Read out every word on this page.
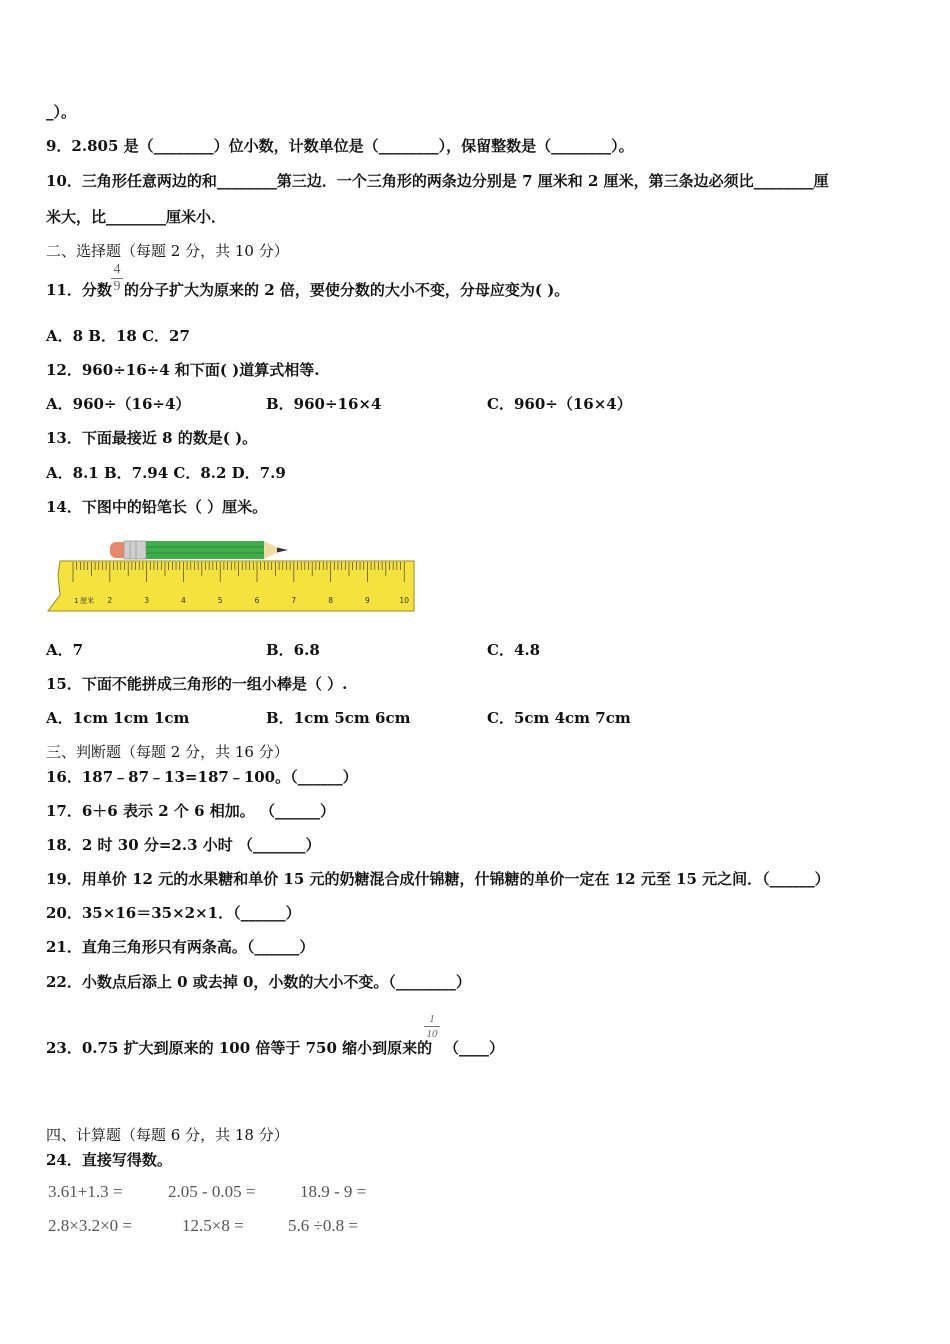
_）。
9．2.805 是（________）位小数，计数单位是（________），保留整数是（________）。
10．三角形任意两边的和________第三边．一个三角形的两条边分别是 7 厘米和 2 厘米，第三条边必须比________厘
米大，比________厘米小．
二、选择题（每题 2 分，共 10 分）
11．分数
4
9 的分子扩大为原来的 2 倍，要使分数的大小不变，分母应变为( )。
A．8 B．18 C．27
12．960÷16÷4 和下面( )道算式相等.
A．960÷（16÷4）	B．960÷16×4	C．960÷（16×4）
13．下面最接近 8 的数是( )。
A．8.1 B．7.94 C．8.2 D．7.9
14．下图中的铅笔长（ ）厘米。
1 厘米 2	3	4	5	6	7	8	9	10
A．7	B．6.8	C．4.8
15．下面不能拼成三角形的一组小棒是（ ）.
A．1cm 1cm 1cm	B．1cm 5cm 6cm	C．5cm 4cm 7cm
三、判断题（每题 2 分，共 16 分）
16．187﹣87﹣13=187﹣100。（______）
17．6＋6 表示 2 个 6 相加。 （______）
18．2 时 30 分=2.3 小时 （_______）
19．用单价 12 元的水果糖和单价 15 元的奶糖混合成什锦糖，什锦糖的单价一定在 12 元至 15 元之间．（______）
20．35×16＝35×2×1．（______）
21．直角三角形只有两条高。（______）
22．小数点后添上 0 或去掉 0，小数的大小不变。（________）
23．0.75 扩大到原来的 100 倍等于 750 缩小到原来的
1
10
（____）
四、计算题（每题 6 分，共 18 分）
24．直接写得数。
3.61+1.3 =	2.05 - 0.05 =	18.9 - 9 =
2.8×3.2×0 =	12.5×8 =	5.6 ÷0.8 =
